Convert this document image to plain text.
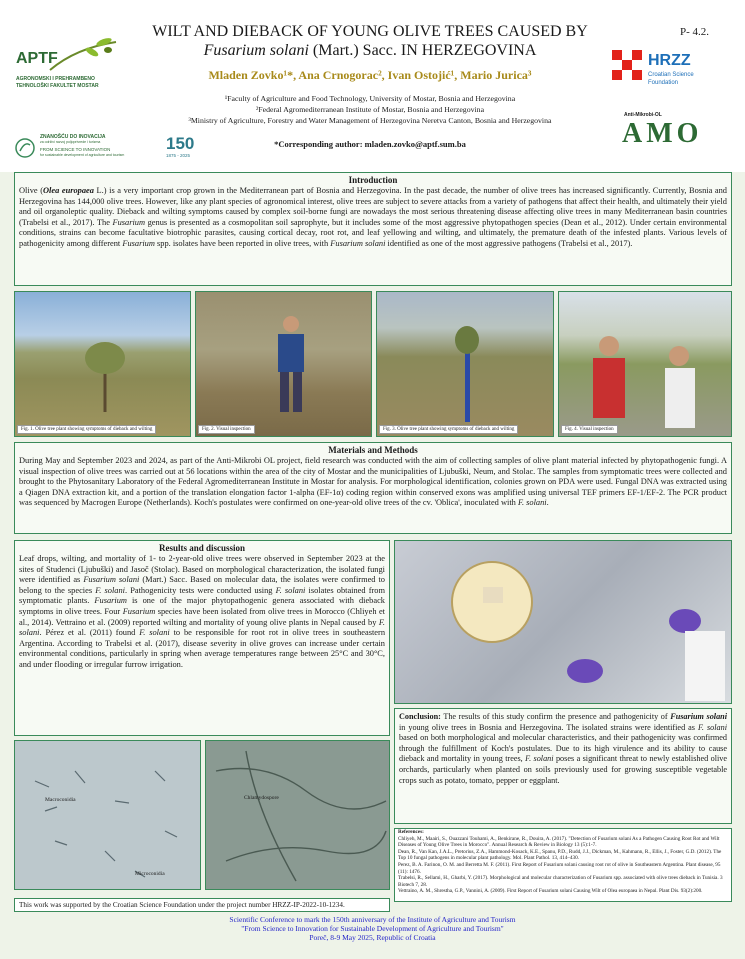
APTF
AGRONOMSKI I PREHRAMBENO
TEHNOLOŠKI FAKULTET MOSTAR
ZNANOŠĆU DO INOVACIJA
za održivi razvoj poljoprivrede i turizma
FROM SCIENCE TO INNOVATION
for sustainable development of agriculture and tourism
150
1875 - 2025
WILT AND DIEBACK OF YOUNG OLIVE TREES CAUSED BY
Fusarium solani (Mart.) Sacc. IN HERZEGOVINA
P- 4.2.
Mladen Zovko¹*, Ana Crnogorac², Ivan Ostojić¹, Mario Jurica³
¹Faculty of Agriculture and Food Technology, University of Mostar, Bosnia and Herzegovina
²Federal Agromediterranean Institute of Mostar, Bosnia and Herzegovina
³Ministry of Agriculture, Forestry and Water Management of Herzegovina Neretva Canton, Bosnia and Herzegovina
*Corresponding author: mladen.zovko@aptf.sum.ba
HRZZ
Croatian Science
Foundation
Anti-Mikrobi-OL
AMO
Introduction
Olive (Olea europaea L.) is a very important crop grown in the Mediterranean part of Bosnia and Herzegovina. In the past decade, the number of olive trees has increased significantly. Currently, Bosnia and Herzegovina has 144,000 olive trees. However, like any plant species of agronomical interest, olive trees are subject to severe attacks from a variety of pathogens that affect their health, and ultimately their yield and oil organoleptic quality. Dieback and wilting symptoms caused by complex soil-borne fungi are nowadays the most serious threatening disease affecting olive trees in many Mediterranean basin countries (Trabelsi et al., 2017). The Fusarium genus is presented as a cosmopolitan soil saprophyte, but it includes some of the most aggressive phytopathogen species (Dean et al., 2012). Under certain environmental conditions, strains can become facultative biotrophic parasites, causing cortical decay, root rot, and leaf yellowing and wilting, and ultimately, the premature death of the infested plants. Various levels of pathogenicity among different Fusarium spp. isolates have been reported in olive trees, with Fusarium solani identified as one of the most aggressive pathogens (Trabelsi et al., 2017).
Fig. 1. Olive tree plant showing symptoms of dieback and wilting	Fig. 2. Visual inspection	Fig. 3. Olive tree plant showing symptoms of dieback and wilting	Fig. 4. Visual inspection
Materials and Methods
During May and September 2023 and 2024, as part of the Anti-Mikrobi OL project, field research was conducted with the aim of collecting samples of olive plant material infected by phytopathogenic fungi. A visual inspection of olive trees was carried out at 56 locations within the area of the city of Mostar and the municipalities of Ljubuški, Neum, and Stolac. The samples from symptomatic trees were collected and brought to the Phytosanitary Laboratory of the Federal Agromediterranean Institute in Mostar for analysis. For morphological identification, colonies grown on PDA were used. Fungal DNA was extracted using a Qiagen DNA extraction kit, and a portion of the translation elongation factor 1-alpha (EF-1α) coding region within conserved exons was amplified using universal TEF primers EF-1/EF-2. The PCR product was sequenced by Macrogen Europe (Netherlands). Koch's postulates were confirmed on one-year-old olive trees of the cv. 'Oblica', inoculated with F. solani.
Results and discussion
Leaf drops, wilting, and mortality of 1- to 2-year-old olive trees were observed in September 2023 at the sites of Studenci (Ljubuški) and Jasoč (Stolac). Based on morphological characterization, the isolated fungi were identified as Fusarium solani (Mart.) Sacc. Based on molecular data, the isolates were confirmed to belong to the species F. solani. Pathogenicity tests were conducted using F. solani isolates obtained from symptomatic plants. Fusarium is one of the major phytopathogenic genera associated with dieback symptoms in olive trees. Four Fusarium species have been isolated from olive trees in Morocco (Chliyeh et al., 2014). Vettraino et al. (2009) reported wilting and mortality of young olive plants in Nepal caused by F. solani. Pérez et al. (2011) found F. solani to be responsible for root rot in olive trees in southeastern Argentina. According to Trabelsi et al. (2017), disease severity in olive groves can increase under certain environmental conditions, particularly in spring when average temperatures range between 25°C and 30°C, and under flooding or irregular furrow irrigation.
Conclusion: The results of this study confirm the presence and pathogenicity of Fusarium solani in young olive trees in Bosnia and Herzegovina. The isolated strains were identified as F. solani based on both morphological and molecular characteristics, and their pathogenicity was confirmed through the fulfillment of Koch's postulates. Due to its high virulence and its ability to cause dieback and mortality in young trees, F. solani poses a significant threat to newly established olive orchards, particularly when planted on soils previously used for growing susceptible vegetable crops such as potato, tomato, pepper or eggplant.
Macroconidia
Microconidia
Chlamydospore
References:
Chliyeh, M., Maairi, S., Ouazzani Touhami, A., Benkirane, R., Douira, A. (2017). "Detection of Fusarium solani As a Pathogen Causing Root Rot and Wilt Diseases of Young Olive Trees in Morocco". Annual Research & Review in Biology 13 (5):1-7.
Dean, R., Van Kan, J.A.L., Pretorius, Z.A., Hammond-Kosack, K.E., Spanu, P.D., Rudd, J.J., Dickman, M., Kahmann, R., Ellis, J., Foster, G.D. (2012). The Top 10 fungal pathogens in molecular plant pathology. Mol. Plant Pathol. 13, 414–430.
Perez, B. A. Farinon, O. M. and Berretta M. F. (2011). First Report of Fusarium solani causing root rot of olive in Southeastern Argentina. Plant disease, 95 (11): 1476.
Trabelsi, R., Sellami, H., Gharbi, Y. (2017). Morphological and molecular characterization of Fusarium spp. associated with olive trees dieback in Tunisia. 3 Biotech 7, 28.
Vettraino, A. M., Shrestha, G.P., Vannini, A. (2009). First Report of Fusarium solani Causing Wilt of Olea europaea in Nepal. Plant Dis. 93(2):200.
This work was supported by the Croatian Science Foundation under the project number HRZZ-IP-2022-10-1234.
Scientific Conference to mark the 150th anniversary of the Institute of Agriculture and Tourism
"From Science to Innovation for Sustainable Development of Agriculture and Tourism"
Poreč, 8-9 May 2025, Republic of Croatia
